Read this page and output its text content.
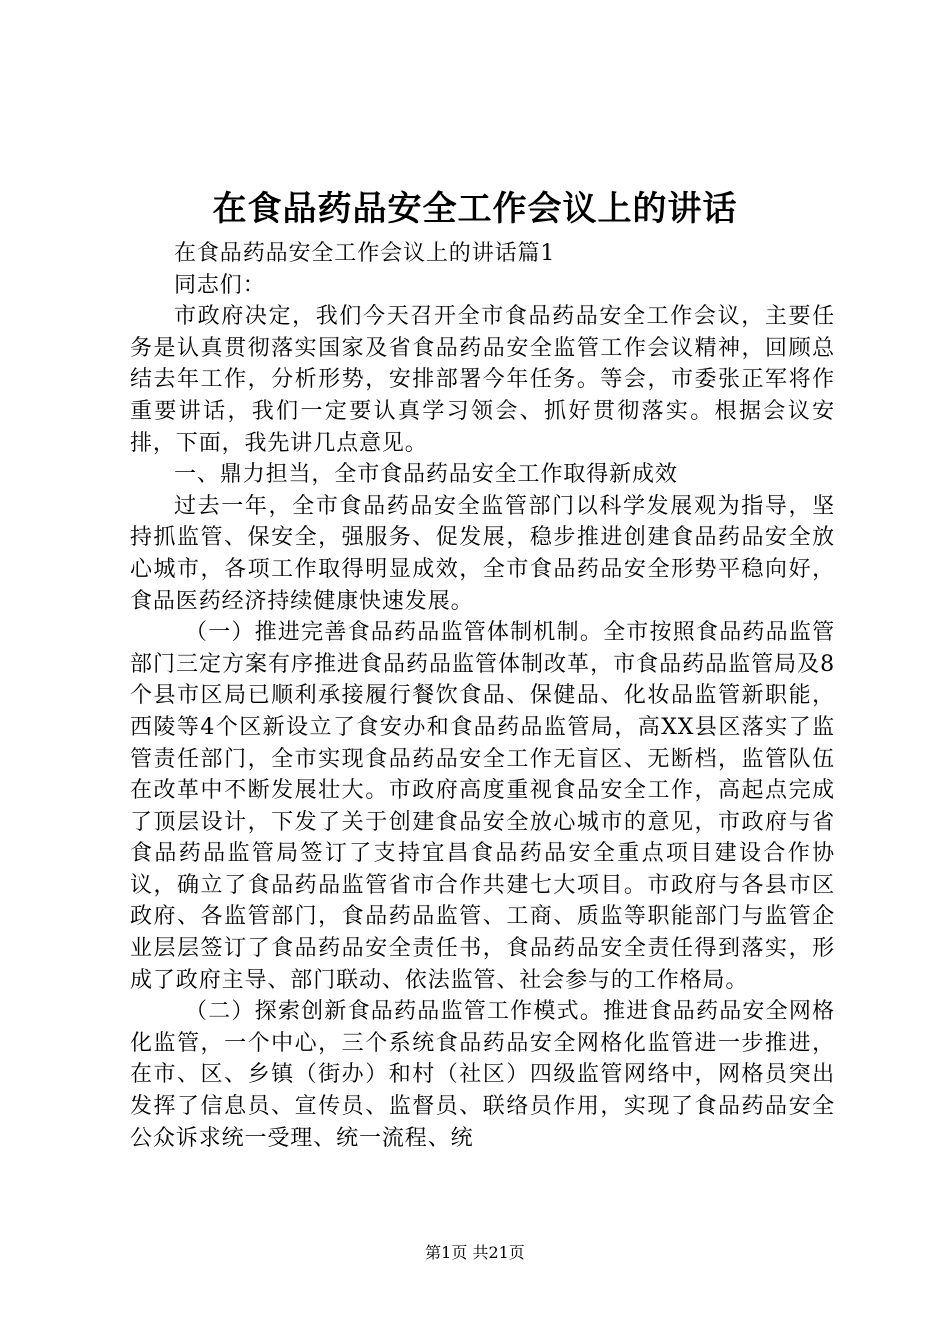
在食品药品安全工作会议上的讲话

在食品药品安全工作会议上的讲话篇1

同志们：

市政府决定，我们今天召开全市食品药品安全工作会议，主要任务是认真贯彻落实国家及省食品药品安全监管工作会议精神，回顾总结去年工作，分析形势，安排部署今年任务。等会，市委张正军将作重要讲话，我们一定要认真学习领会、抓好贯彻落实。根据会议安排，下面，我先讲几点意见。

一、鼎力担当，全市食品药品安全工作取得新成效

过去一年，全市食品药品安全监管部门以科学发展观为指导，坚持抓监管、保安全，强服务、促发展，稳步推进创建食品药品安全放心城市，各项工作取得明显成效，全市食品药品安全形势平稳向好，食品医药经济持续健康快速发展。

（一）推进完善食品药品监管体制机制。全市按照食品药品监管部门三定方案有序推进食品药品监管体制改革，市食品药品监管局及8个县市区局已顺利承接履行餐饮食品、保健品、化妆品监管新职能，西陵等4个区新设立了食安办和食品药品监管局，高XX县区落实了监管责任部门，全市实现食品药品安全工作无盲区、无断档，监管队伍在改革中不断发展壮大。市政府高度重视食品安全工作，高起点完成了顶层设计，下发了关于创建食品安全放心城市的意见，市政府与省食品药品监管局签订了支持宜昌食品药品安全重点项目建设合作协议，确立了食品药品监管省市合作共建七大项目。市政府与各县市区政府、各监管部门，食品药品监管、工商、质监等职能部门与监管企业层层签订了食品药品安全责任书，食品药品安全责任得到落实，形成了政府主导、部门联动、依法监管、社会参与的工作格局。

（二）探索创新食品药品监管工作模式。推进食品药品安全网格化监管，一个中心，三个系统食品药品安全网格化监管进一步推进，在市、区、乡镇（街办）和村（社区）四级监管网络中，网格员突出发挥了信息员、宣传员、监督员、联络员作用，实现了食品药品安全公众诉求统一受理、统一流程、统

第1页 共21页
